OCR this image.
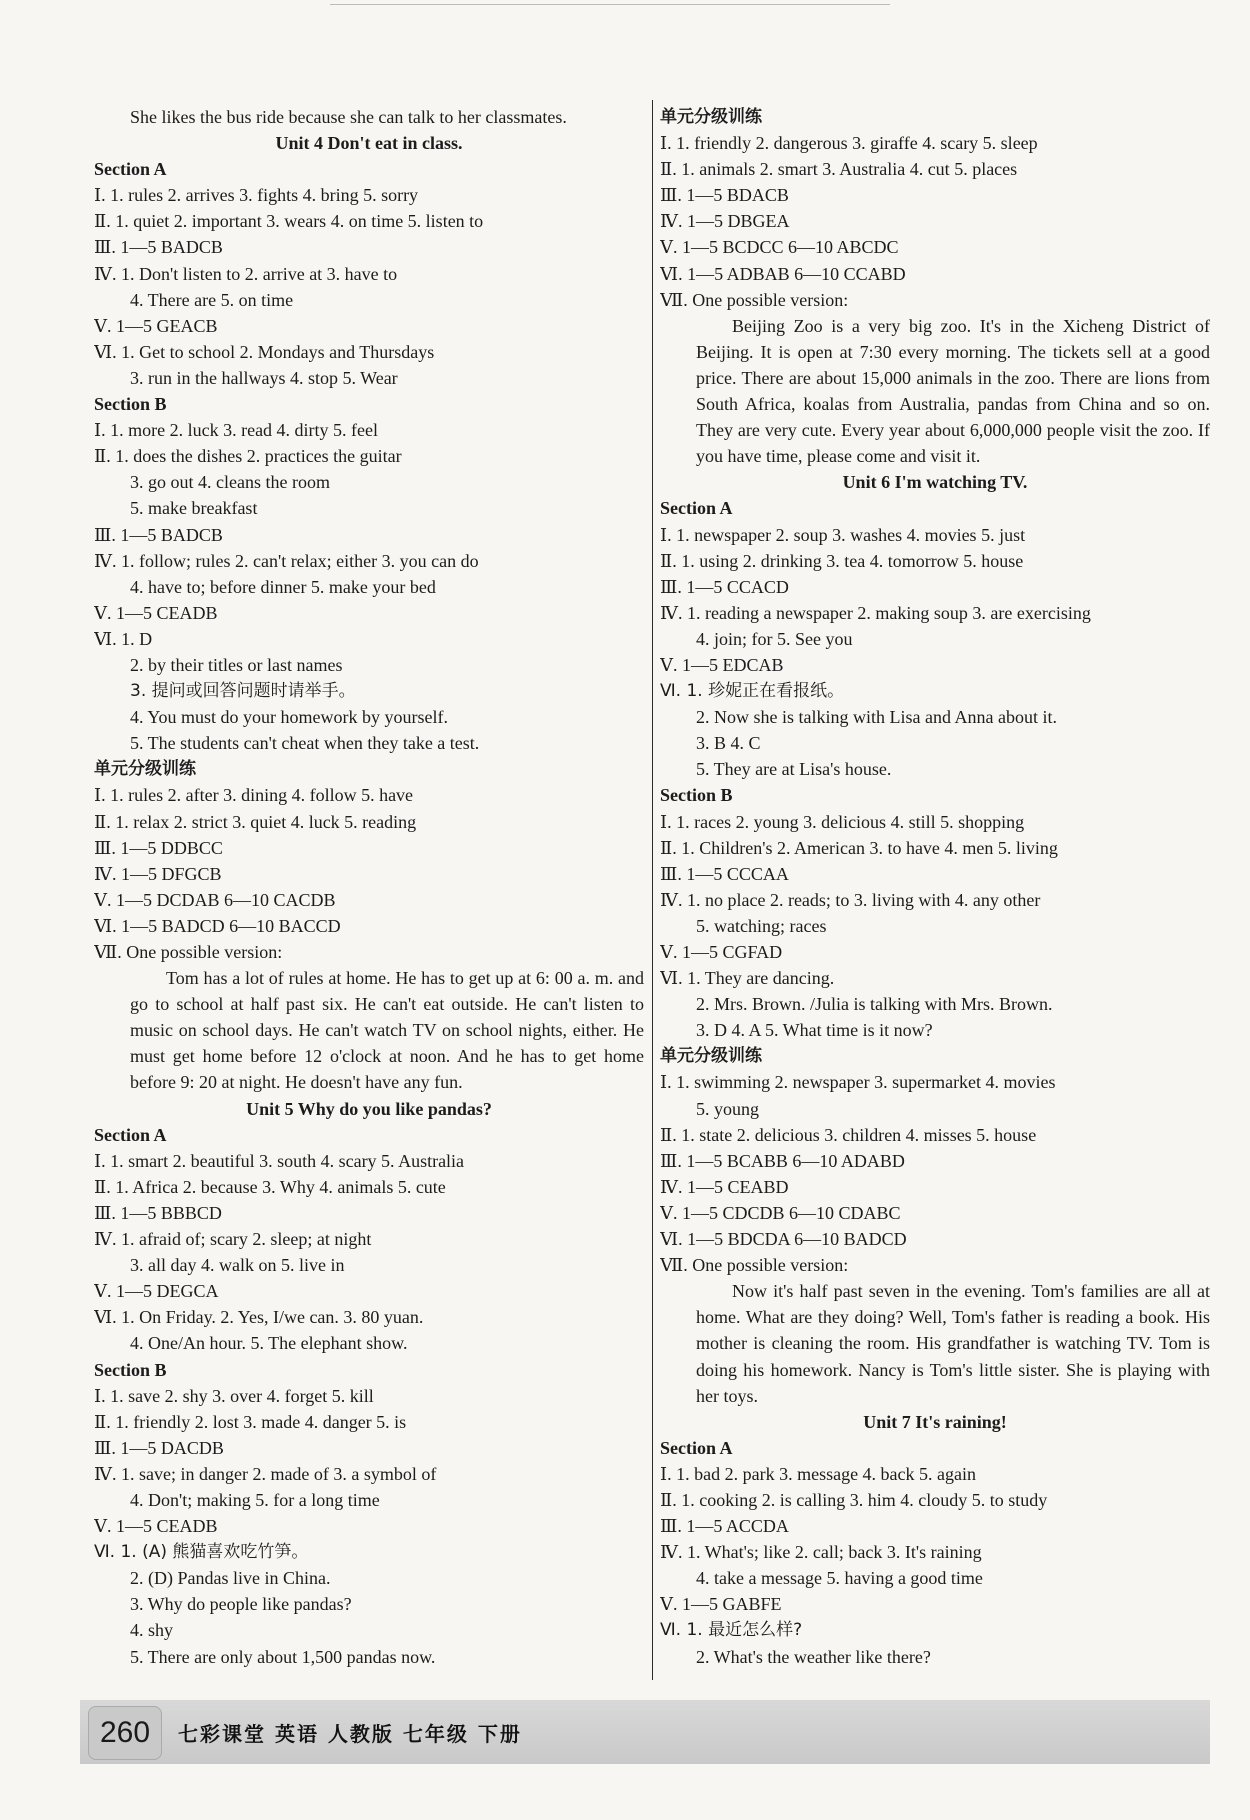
She likes the bus ride because she can talk to her classmates.
Unit 4 Don't eat in class.
Section A
Ⅰ. 1. rules 2. arrives 3. fights 4. bring 5. sorry
Ⅱ. 1. quiet 2. important 3. wears 4. on time 5. listen to
Ⅲ. 1—5 BADCB
Ⅳ. 1. Don't listen to 2. arrive at 3. have to
4. There are 5. on time
Ⅴ. 1—5 GEACB
Ⅵ. 1. Get to school 2. Mondays and Thursdays
3. run in the hallways 4. stop 5. Wear
Section B
Ⅰ. 1. more 2. luck 3. read 4. dirty 5. feel
Ⅱ. 1. does the dishes 2. practices the guitar
3. go out 4. cleans the room
5. make breakfast
Ⅲ. 1—5 BADCB
Ⅳ. 1. follow; rules 2. can't relax; either 3. you can do
4. have to; before dinner 5. make your bed
Ⅴ. 1—5 CEADB
Ⅵ. 1. D
2. by their titles or last names
3. 提问或回答问题时请举手。
4. You must do your homework by yourself.
5. The students can't cheat when they take a test.
单元分级训练
Ⅰ. 1. rules 2. after 3. dining 4. follow 5. have
Ⅱ. 1. relax 2. strict 3. quiet 4. luck 5. reading
Ⅲ. 1—5 DDBCC
Ⅳ. 1—5 DFGCB
Ⅴ. 1—5 DCDAB 6—10 CACDB
Ⅵ. 1—5 BADCD 6—10 BACCD
Ⅶ. One possible version:
Tom has a lot of rules at home. He has to get up at 6: 00 a. m. and go to school at half past six. He can't eat outside. He can't listen to music on school days. He can't watch TV on school nights, either. He must get home before 12 o'clock at noon. And he has to get home before 9: 20 at night. He doesn't have any fun.
Unit 5 Why do you like pandas?
Section A
Ⅰ. 1. smart 2. beautiful 3. south 4. scary 5. Australia
Ⅱ. 1. Africa 2. because 3. Why 4. animals 5. cute
Ⅲ. 1—5 BBBCD
Ⅳ. 1. afraid of; scary 2. sleep; at night
3. all day 4. walk on 5. live in
Ⅴ. 1—5 DEGCA
Ⅵ. 1. On Friday. 2. Yes, I/we can. 3. 80 yuan.
4. One/An hour. 5. The elephant show.
Section B
Ⅰ. 1. save 2. shy 3. over 4. forget 5. kill
Ⅱ. 1. friendly 2. lost 3. made 4. danger 5. is
Ⅲ. 1—5 DACDB
Ⅳ. 1. save; in danger 2. made of 3. a symbol of
4. Don't; making 5. for a long time
Ⅴ. 1—5 CEADB
Ⅵ. 1. (A) 熊猫喜欢吃竹笋。
2. (D) Pandas live in China.
3. Why do people like pandas?
4. shy
5. There are only about 1,500 pandas now.
单元分级训练
Ⅰ. 1. friendly 2. dangerous 3. giraffe 4. scary 5. sleep
Ⅱ. 1. animals 2. smart 3. Australia 4. cut 5. places
Ⅲ. 1—5 BDACB
Ⅳ. 1—5 DBGEA
Ⅴ. 1—5 BCDCC 6—10 ABCDC
Ⅵ. 1—5 ADBAB 6—10 CCABD
Ⅶ. One possible version:
Beijing Zoo is a very big zoo. It's in the Xicheng District of Beijing. It is open at 7:30 every morning. The tickets sell at a good price. There are about 15,000 animals in the zoo. There are lions from South Africa, koalas from Australia, pandas from China and so on. They are very cute. Every year about 6,000,000 people visit the zoo. If you have time, please come and visit it.
Unit 6 I'm watching TV.
Section A
Ⅰ. 1. newspaper 2. soup 3. washes 4. movies 5. just
Ⅱ. 1. using 2. drinking 3. tea 4. tomorrow 5. house
Ⅲ. 1—5 CCACD
Ⅳ. 1. reading a newspaper 2. making soup 3. are exercising
4. join; for 5. See you
Ⅴ. 1—5 EDCAB
Ⅵ. 1. 珍妮正在看报纸。
2. Now she is talking with Lisa and Anna about it.
3. B 4. C
5. They are at Lisa's house.
Section B
Ⅰ. 1. races 2. young 3. delicious 4. still 5. shopping
Ⅱ. 1. Children's 2. American 3. to have 4. men 5. living
Ⅲ. 1—5 CCCAA
Ⅳ. 1. no place 2. reads; to 3. living with 4. any other
5. watching; races
Ⅴ. 1—5 CGFAD
Ⅵ. 1. They are dancing.
2. Mrs. Brown. /Julia is talking with Mrs. Brown.
3. D 4. A 5. What time is it now?
单元分级训练
Ⅰ. 1. swimming 2. newspaper 3. supermarket 4. movies
5. young
Ⅱ. 1. state 2. delicious 3. children 4. misses 5. house
Ⅲ. 1—5 BCABB 6—10 ADABD
Ⅳ. 1—5 CEABD
Ⅴ. 1—5 CDCDB 6—10 CDABC
Ⅵ. 1—5 BDCDA 6—10 BADCD
Ⅶ. One possible version:
Now it's half past seven in the evening. Tom's families are all at home. What are they doing? Well, Tom's father is reading a book. His mother is cleaning the room. His grandfather is watching TV. Tom is doing his homework. Nancy is Tom's little sister. She is playing with her toys.
Unit 7 It's raining!
Section A
Ⅰ. 1. bad 2. park 3. message 4. back 5. again
Ⅱ. 1. cooking 2. is calling 3. him 4. cloudy 5. to study
Ⅲ. 1—5 ACCDA
Ⅳ. 1. What's; like 2. call; back 3. It's raining
4. take a message 5. having a good time
Ⅴ. 1—5 GABFE
Ⅵ. 1. 最近怎么样?
2. What's the weather like there?
260	七彩课堂 英语 人教版 七年级 下册
